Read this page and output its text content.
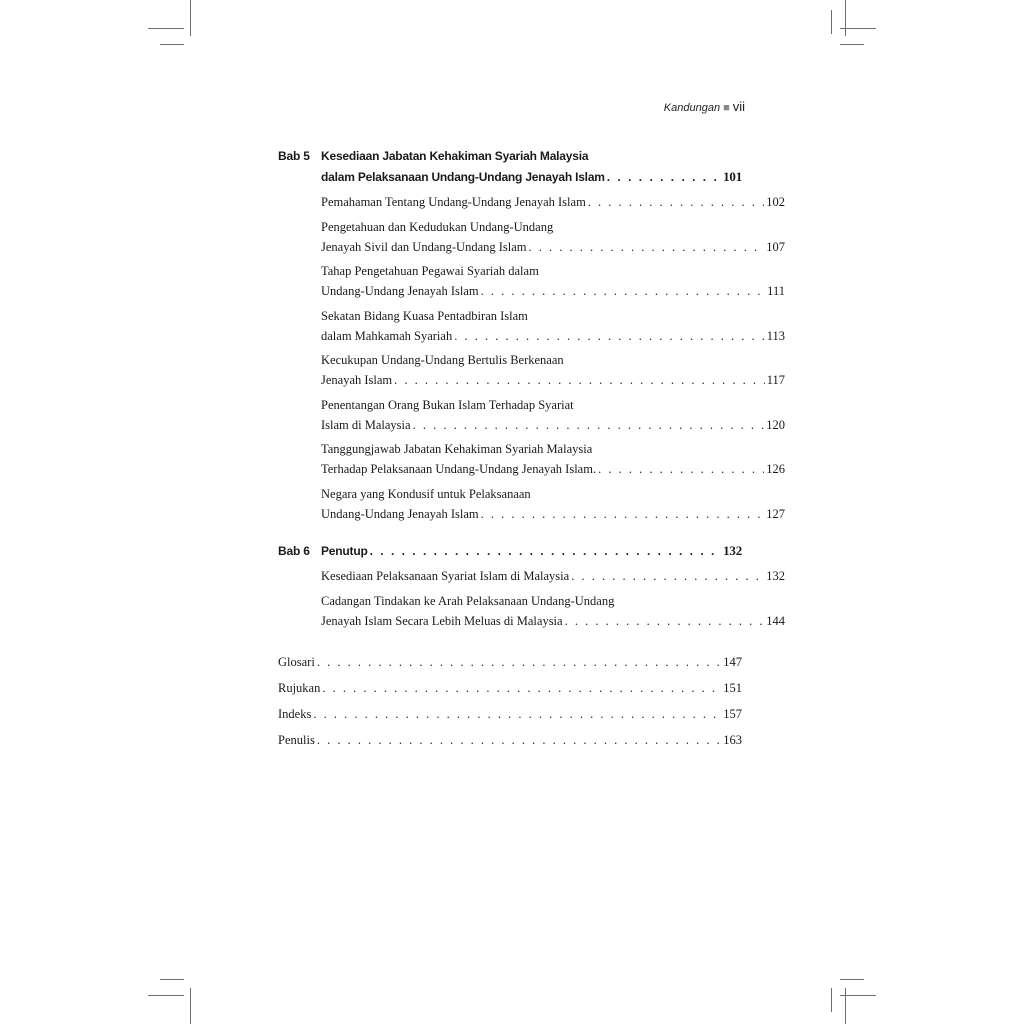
Kandungan ■ vii
Bab 5 Kesediaan Jabatan Kehakiman Syariah Malaysia
dalam Pelaksanaan Undang-Undang Jenayah Islam . . .	101
Pemahaman Tentang Undang-Undang Jenayah Islam . . .	102
Pengetahuan dan Kedudukan Undang-Undang
Jenayah Sivil dan Undang-Undang Islam . . .	107
Tahap Pengetahuan Pegawai Syariah dalam
Undang-Undang Jenayah Islam . . .	111
Sekatan Bidang Kuasa Pentadbiran Islam
dalam Mahkamah Syariah . . .	113
Kecukupan Undang-Undang Bertulis Berkenaan
Jenayah Islam . . .	117
Penentangan Orang Bukan Islam Terhadap Syariat
Islam di Malaysia . . .	120
Tanggungjawab Jabatan Kehakiman Syariah Malaysia
Terhadap Pelaksanaan Undang-Undang Jenayah Islam. . . .	126
Negara yang Kondusif untuk Pelaksanaan
Undang-Undang Jenayah Islam . . .	127
Bab 6 Penutup . . .	132
Kesediaan Pelaksanaan Syariat Islam di Malaysia . . .	132
Cadangan Tindakan ke Arah Pelaksanaan Undang-Undang
Jenayah Islam Secara Lebih Meluas di Malaysia . . .	144
Glosari . . .	147
Rujukan . . .	151
Indeks . . .	157
Penulis . . .	163
